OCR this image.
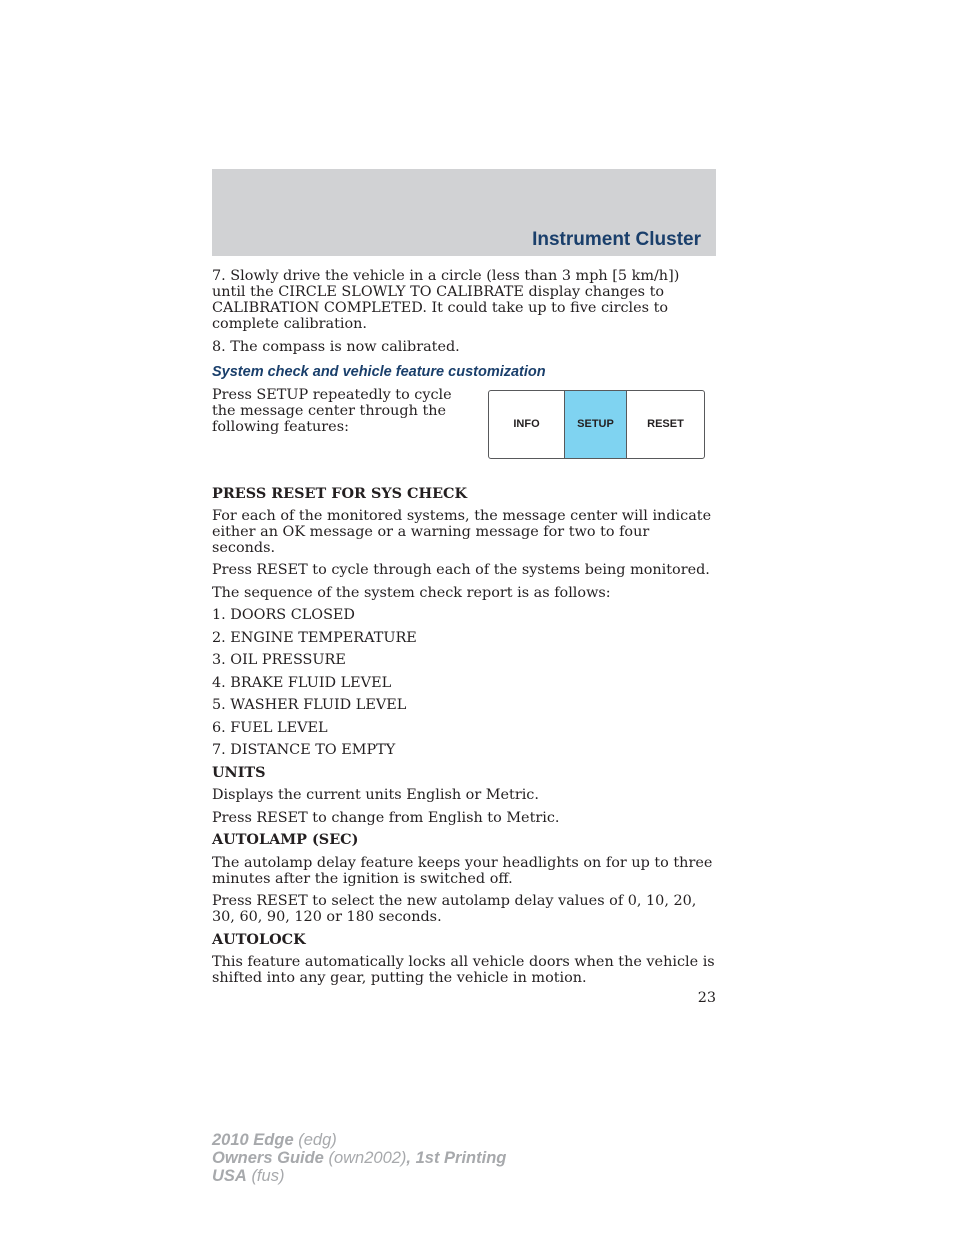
Instrument Cluster

7. Slowly drive the vehicle in a circle (less than 3 mph [5 km/h]) until the CIRCLE SLOWLY TO CALIBRATE display changes to CALIBRATION COMPLETED. It could take up to five circles to complete calibration.

8. The compass is now calibrated.

System check and vehicle feature customization

Press SETUP repeatedly to cycle the message center through the following features:	INFO	SETUP	RESET
PRESS RESET FOR SYS CHECK

For each of the monitored systems, the message center will indicate either an OK message or a warning message for two to four seconds.

Press RESET to cycle through each of the systems being monitored.

The sequence of the system check report is as follows:

1. DOORS CLOSED
2. ENGINE TEMPERATURE
3. OIL PRESSURE
4. BRAKE FLUID LEVEL
5. WASHER FLUID LEVEL
6. FUEL LEVEL
7. DISTANCE TO EMPTY
UNITS

Displays the current units English or Metric.

Press RESET to change from English to Metric.

AUTOLAMP (SEC)

The autolamp delay feature keeps your headlights on for up to three minutes after the ignition is switched off.

Press RESET to select the new autolamp delay values of 0, 10, 20, 30, 60, 90, 120 or 180 seconds.

AUTOLOCK

This feature automatically locks all vehicle doors when the vehicle is shifted into any gear, putting the vehicle in motion.

23
2010 Edge (edg)
Owners Guide (own2002), 1st Printing
USA (fus)
